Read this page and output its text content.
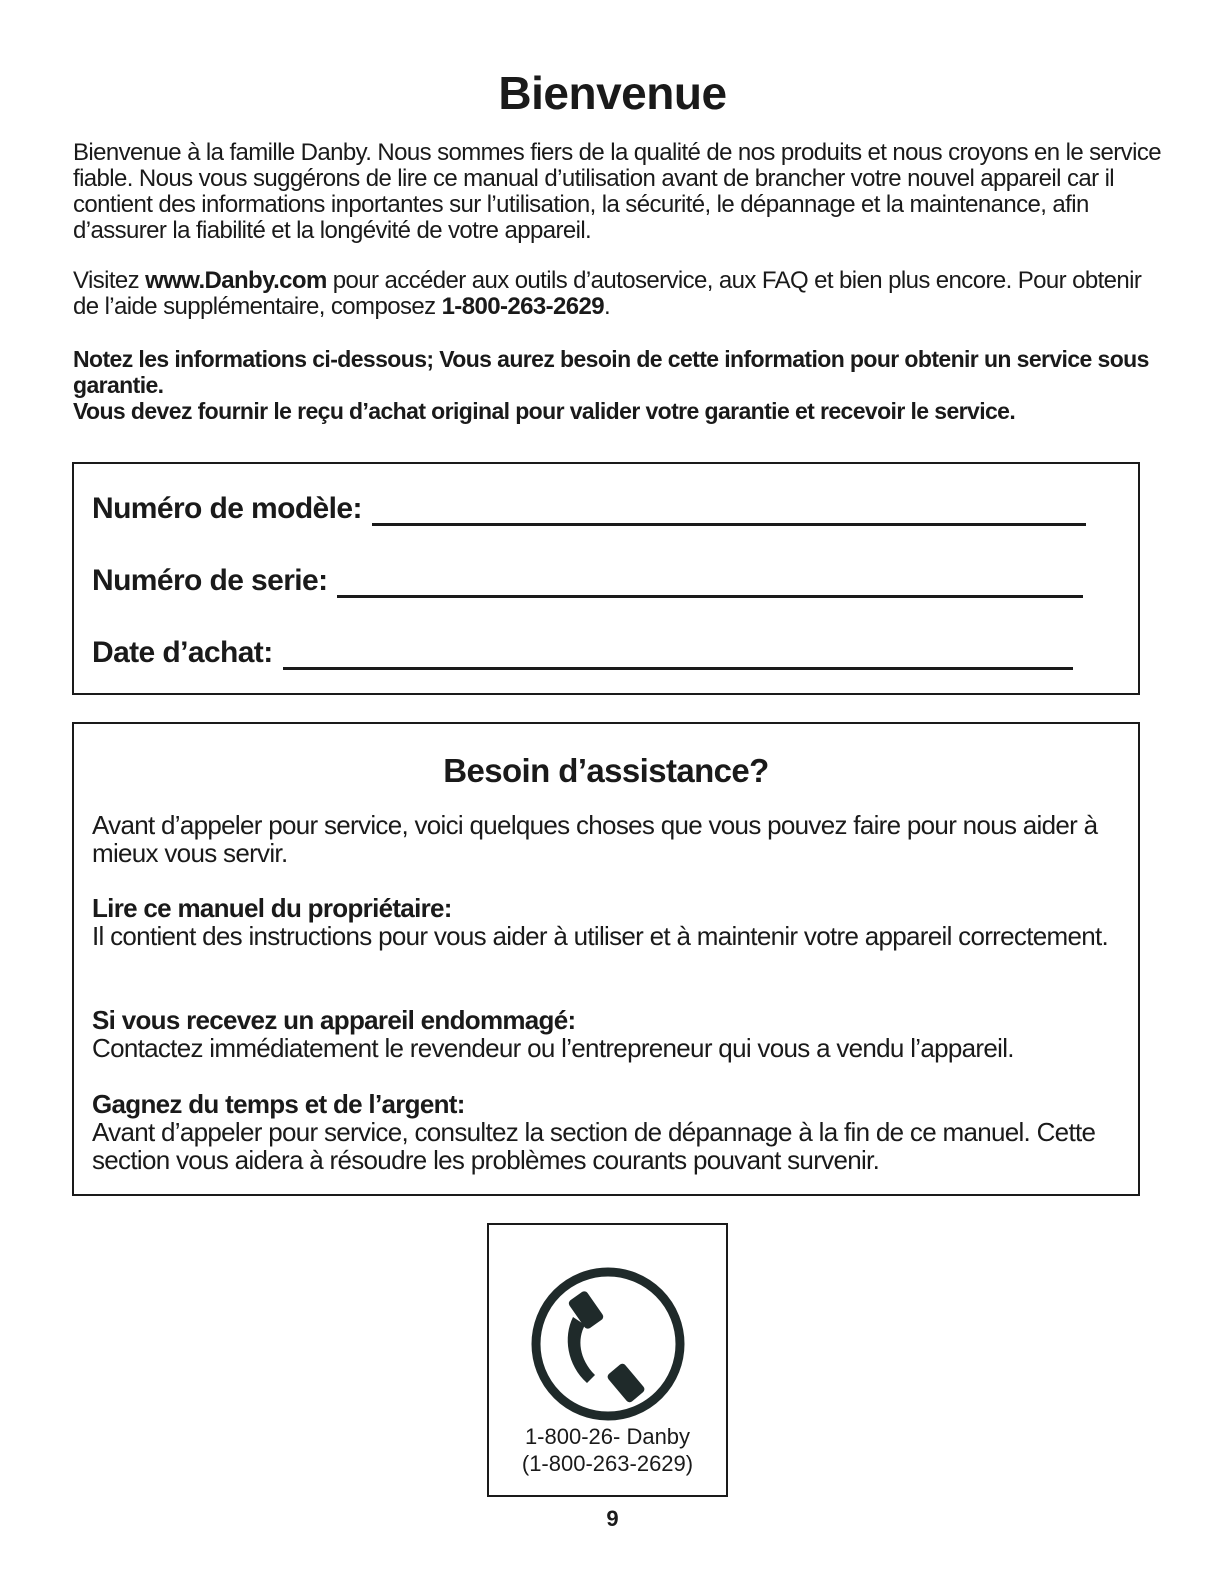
Bienvenue
Bienvenue à la famille Danby. Nous sommes fiers de la qualité de nos produits et nous croyons en le service fiable. Nous vous suggérons de lire ce manual d’utilisation avant de brancher votre nouvel appareil car il contient des informations inportantes sur l’utilisation, la sécurité, le dépannage et la maintenance, afin d’assurer la fiabilité et la longévité de votre appareil.
Visitez www.Danby.com pour accéder aux outils d’autoservice, aux FAQ et bien plus encore. Pour obtenir de l’aide supplémentaire, composez 1-800-263-2629.
Notez les informations ci-dessous; Vous aurez besoin de cette information pour obtenir un service sous garantie.
Vous devez fournir le reçu d’achat original pour valider votre garantie et recevoir le service.
Numéro de modèle:
Numéro de serie:
Date d’achat:
Besoin d’assistance?
Avant d’appeler pour service, voici quelques choses que vous pouvez faire pour nous aider à mieux vous servir.
Lire ce manuel du propriétaire:
Il contient des instructions pour vous aider à utiliser et à maintenir votre appareil correctement.
Si vous recevez un appareil endommagé:
Contactez immédiatement le revendeur ou l’entrepreneur qui vous a vendu l’appareil.
Gagnez du temps et de l’argent:
Avant d’appeler pour service, consultez la section de dépannage à la fin de ce manuel. Cette section vous aidera à résoudre les problèmes courants pouvant survenir.
1-800-26- Danby
(1-800-263-2629)
9
